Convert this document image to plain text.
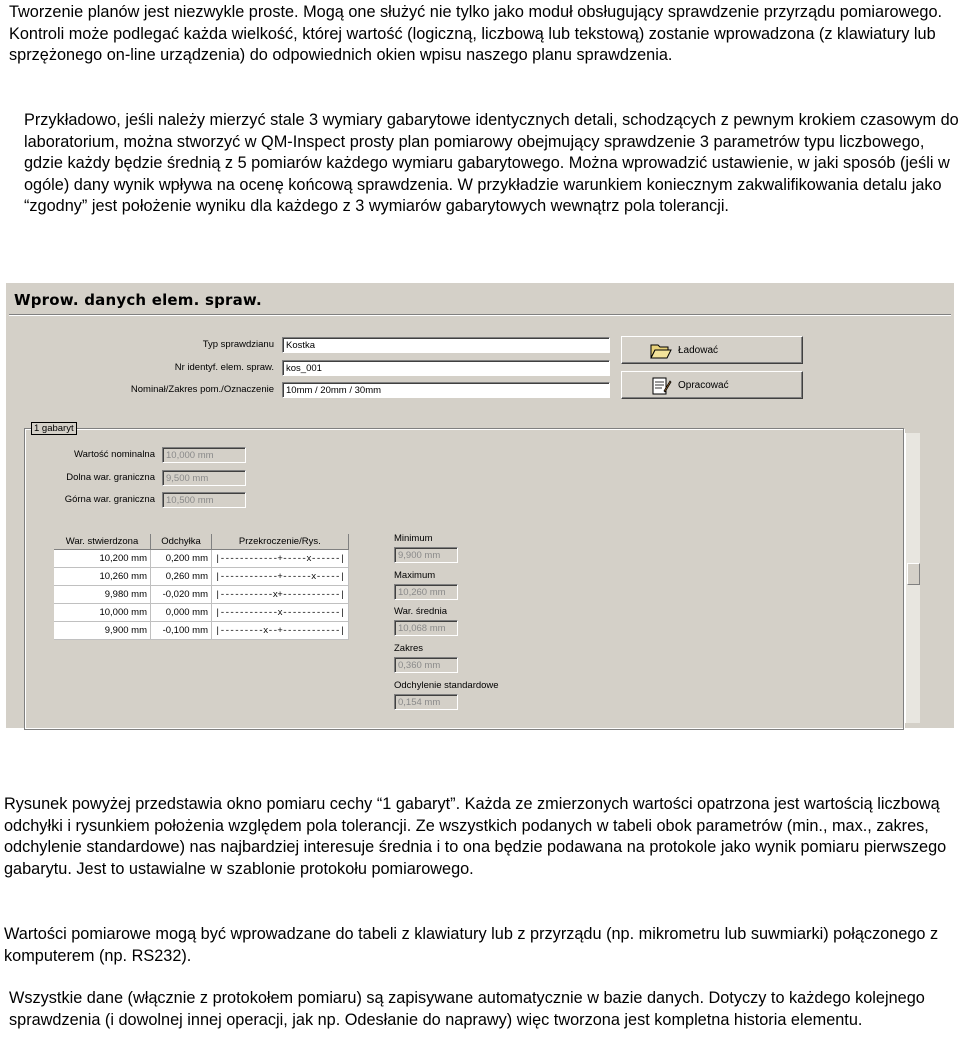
Tworzenie planów jest niezwykle proste. Mogą one służyć nie tylko jako moduł obsługujący sprawdzenie przyrządu pomiarowego. Kontroli może podlegać każda wielkość, której wartość (logiczną, liczbową lub tekstową) zostanie wprowadzona (z klawiatury lub sprzężonego on-line urządzenia) do odpowiednich okien wpisu naszego planu sprawdzenia.

Przykładowo, jeśli należy mierzyć stale 3 wymiary gabarytowe identycznych detali, schodzących z pewnym krokiem czasowym do laboratorium, można stworzyć w QM-Inspect prosty plan pomiarowy obejmujący sprawdzenie 3 parametrów typu liczbowego, gdzie każdy będzie średnią z 5 pomiarów każdego wymiaru gabarytowego. Można wprowadzić ustawienie, w jaki sposób (jeśli w ogóle) dany wynik wpływa na ocenę końcową sprawdzenia. W przykładzie warunkiem koniecznym zakwalifikowania detalu jako “zgodny” jest położenie wyniku dla każdego z 3 wymiarów gabarytowych wewnątrz pola tolerancji.

Wprow. danych elem. spraw.
Typ sprawdzianu	Kostka
Nr identyf. elem. spraw.	kos_001
Nominał/Zakres pom./Oznaczenie	10mm / 20mm / 30mm
Ładować
Opracować
1 gabaryt
Wartość nominalna	10,000 mm
Dolna war. graniczna	9,500 mm
Górna war. graniczna	10,500 mm
War. stwierdzona	Odchyłka	Przekroczenie/Rys.
10,200 mm	0,200 mm	|------------+-----x------|
10,260 mm	0,260 mm	|------------+------x-----|
9,980 mm	-0,020 mm	|-----------x+------------|
10,000 mm	0,000 mm	|------------x------------|
9,900 mm	-0,100 mm	|---------x--+------------|
Minimum
9,900 mm
Maximum
10,260 mm
War. średnia
10,068 mm
Zakres
0,360 mm
Odchylenie standardowe
0,154 mm

Rysunek powyżej przedstawia okno pomiaru cechy “1 gabaryt”. Każda ze zmierzonych wartości opatrzona jest wartością liczbową odchyłki i rysunkiem położenia względem pola tolerancji. Ze wszystkich podanych w tabeli obok parametrów (min., max., zakres, odchylenie standardowe) nas najbardziej interesuje średnia i to ona będzie podawana na protokole jako wynik pomiaru pierwszego gabarytu. Jest to ustawialne w szablonie protokołu pomiarowego.

Wartości pomiarowe mogą być wprowadzane do tabeli z klawiatury lub z przyrządu (np. mikrometru lub suwmiarki) połączonego z komputerem (np. RS232).

Wszystkie dane (włącznie z protokołem pomiaru) są zapisywane automatycznie w bazie danych. Dotyczy to każdego kolejnego sprawdzenia (i dowolnej innej operacji, jak np. Odesłanie do naprawy) więc tworzona jest kompletna historia elementu.
